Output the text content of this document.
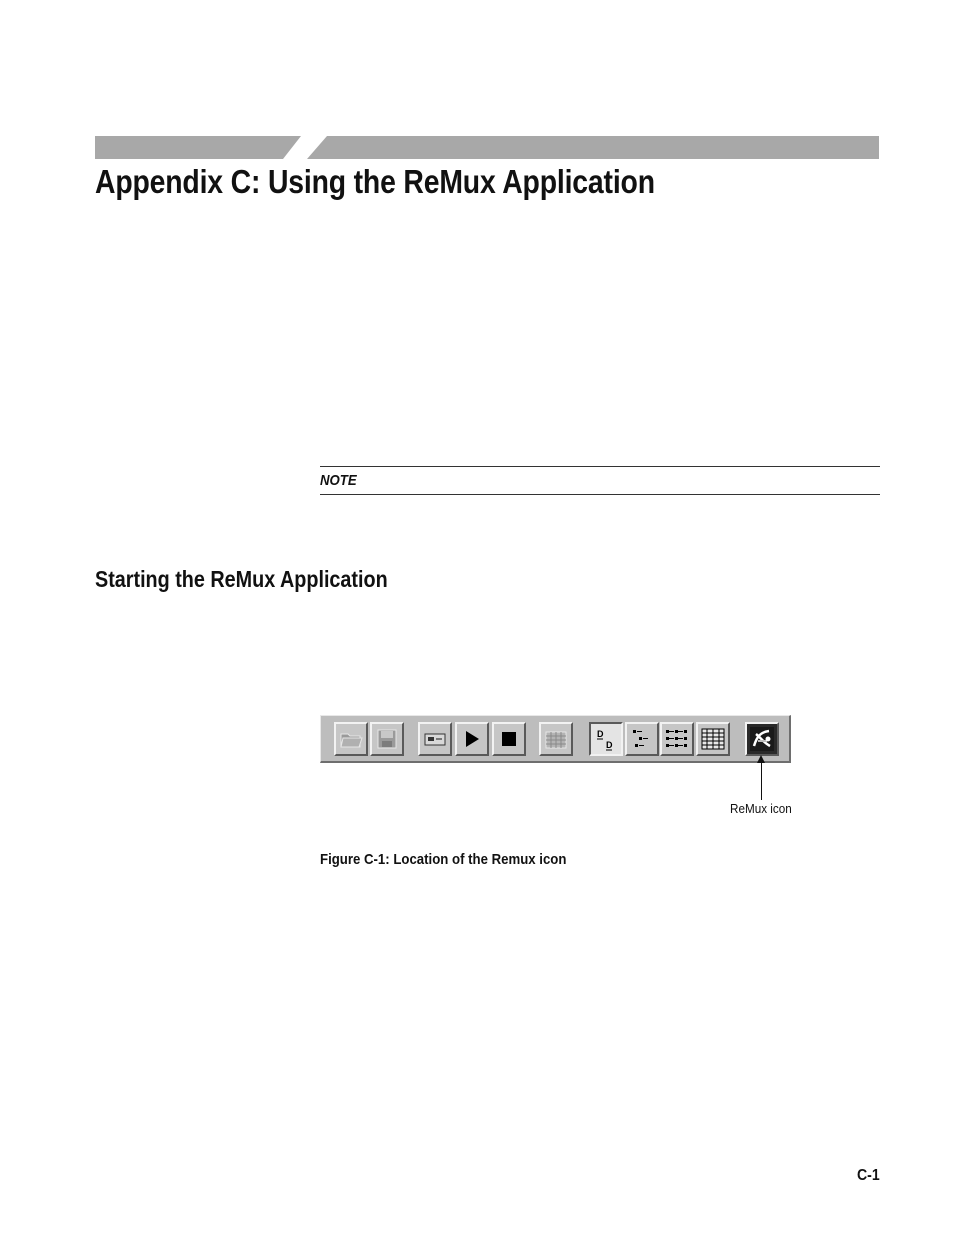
Appendix C: Using the ReMux Application
NOTE
Starting the ReMux Application
D
D
ReMux icon
Figure C-1: Location of the Remux icon
C-1
